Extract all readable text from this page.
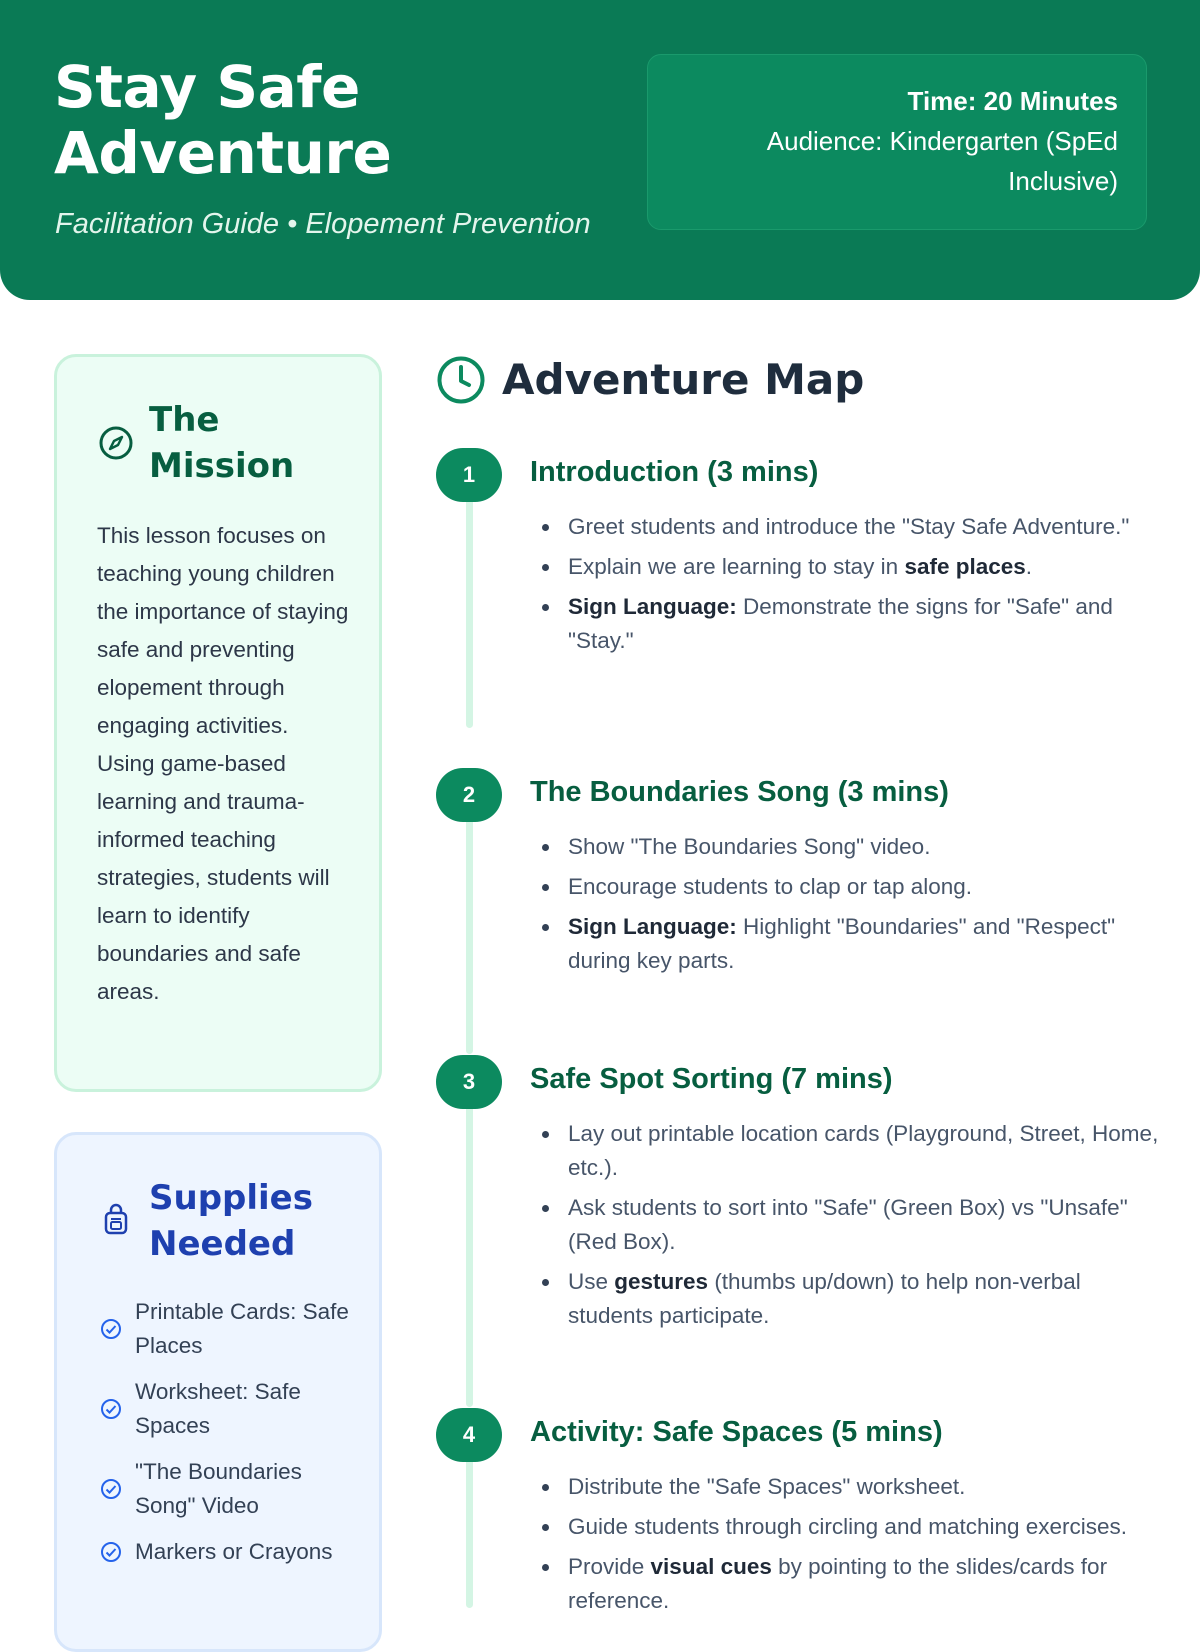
Stay Safe Adventure
Facilitation Guide • Elopement Prevention
Time: 20 Minutes
Audience: Kindergarten (SpEd Inclusive)
The Mission
This lesson focuses on teaching young children the importance of staying safe and preventing elopement through engaging activities. Using game-based learning and trauma-informed teaching strategies, students will learn to identify boundaries and safe areas.
Supplies Needed
Printable Cards: Safe Places
Worksheet: Safe Spaces
"The Boundaries Song" Video
Markers or Crayons
Adventure Map
1	Introduction (3 mins)
• Greet students and introduce the "Stay Safe Adventure."
• Explain we are learning to stay in safe places.
• Sign Language: Demonstrate the signs for "Safe" and "Stay."
2	The Boundaries Song (3 mins)
• Show "The Boundaries Song" video.
• Encourage students to clap or tap along.
• Sign Language: Highlight "Boundaries" and "Respect" during key parts.
3	Safe Spot Sorting (7 mins)
• Lay out printable location cards (Playground, Street, Home, etc.).
• Ask students to sort into "Safe" (Green Box) vs "Unsafe" (Red Box).
• Use gestures (thumbs up/down) to help non-verbal students participate.
4	Activity: Safe Spaces (5 mins)
• Distribute the "Safe Spaces" worksheet.
• Guide students through circling and matching exercises.
• Provide visual cues by pointing to the slides/cards for reference.
